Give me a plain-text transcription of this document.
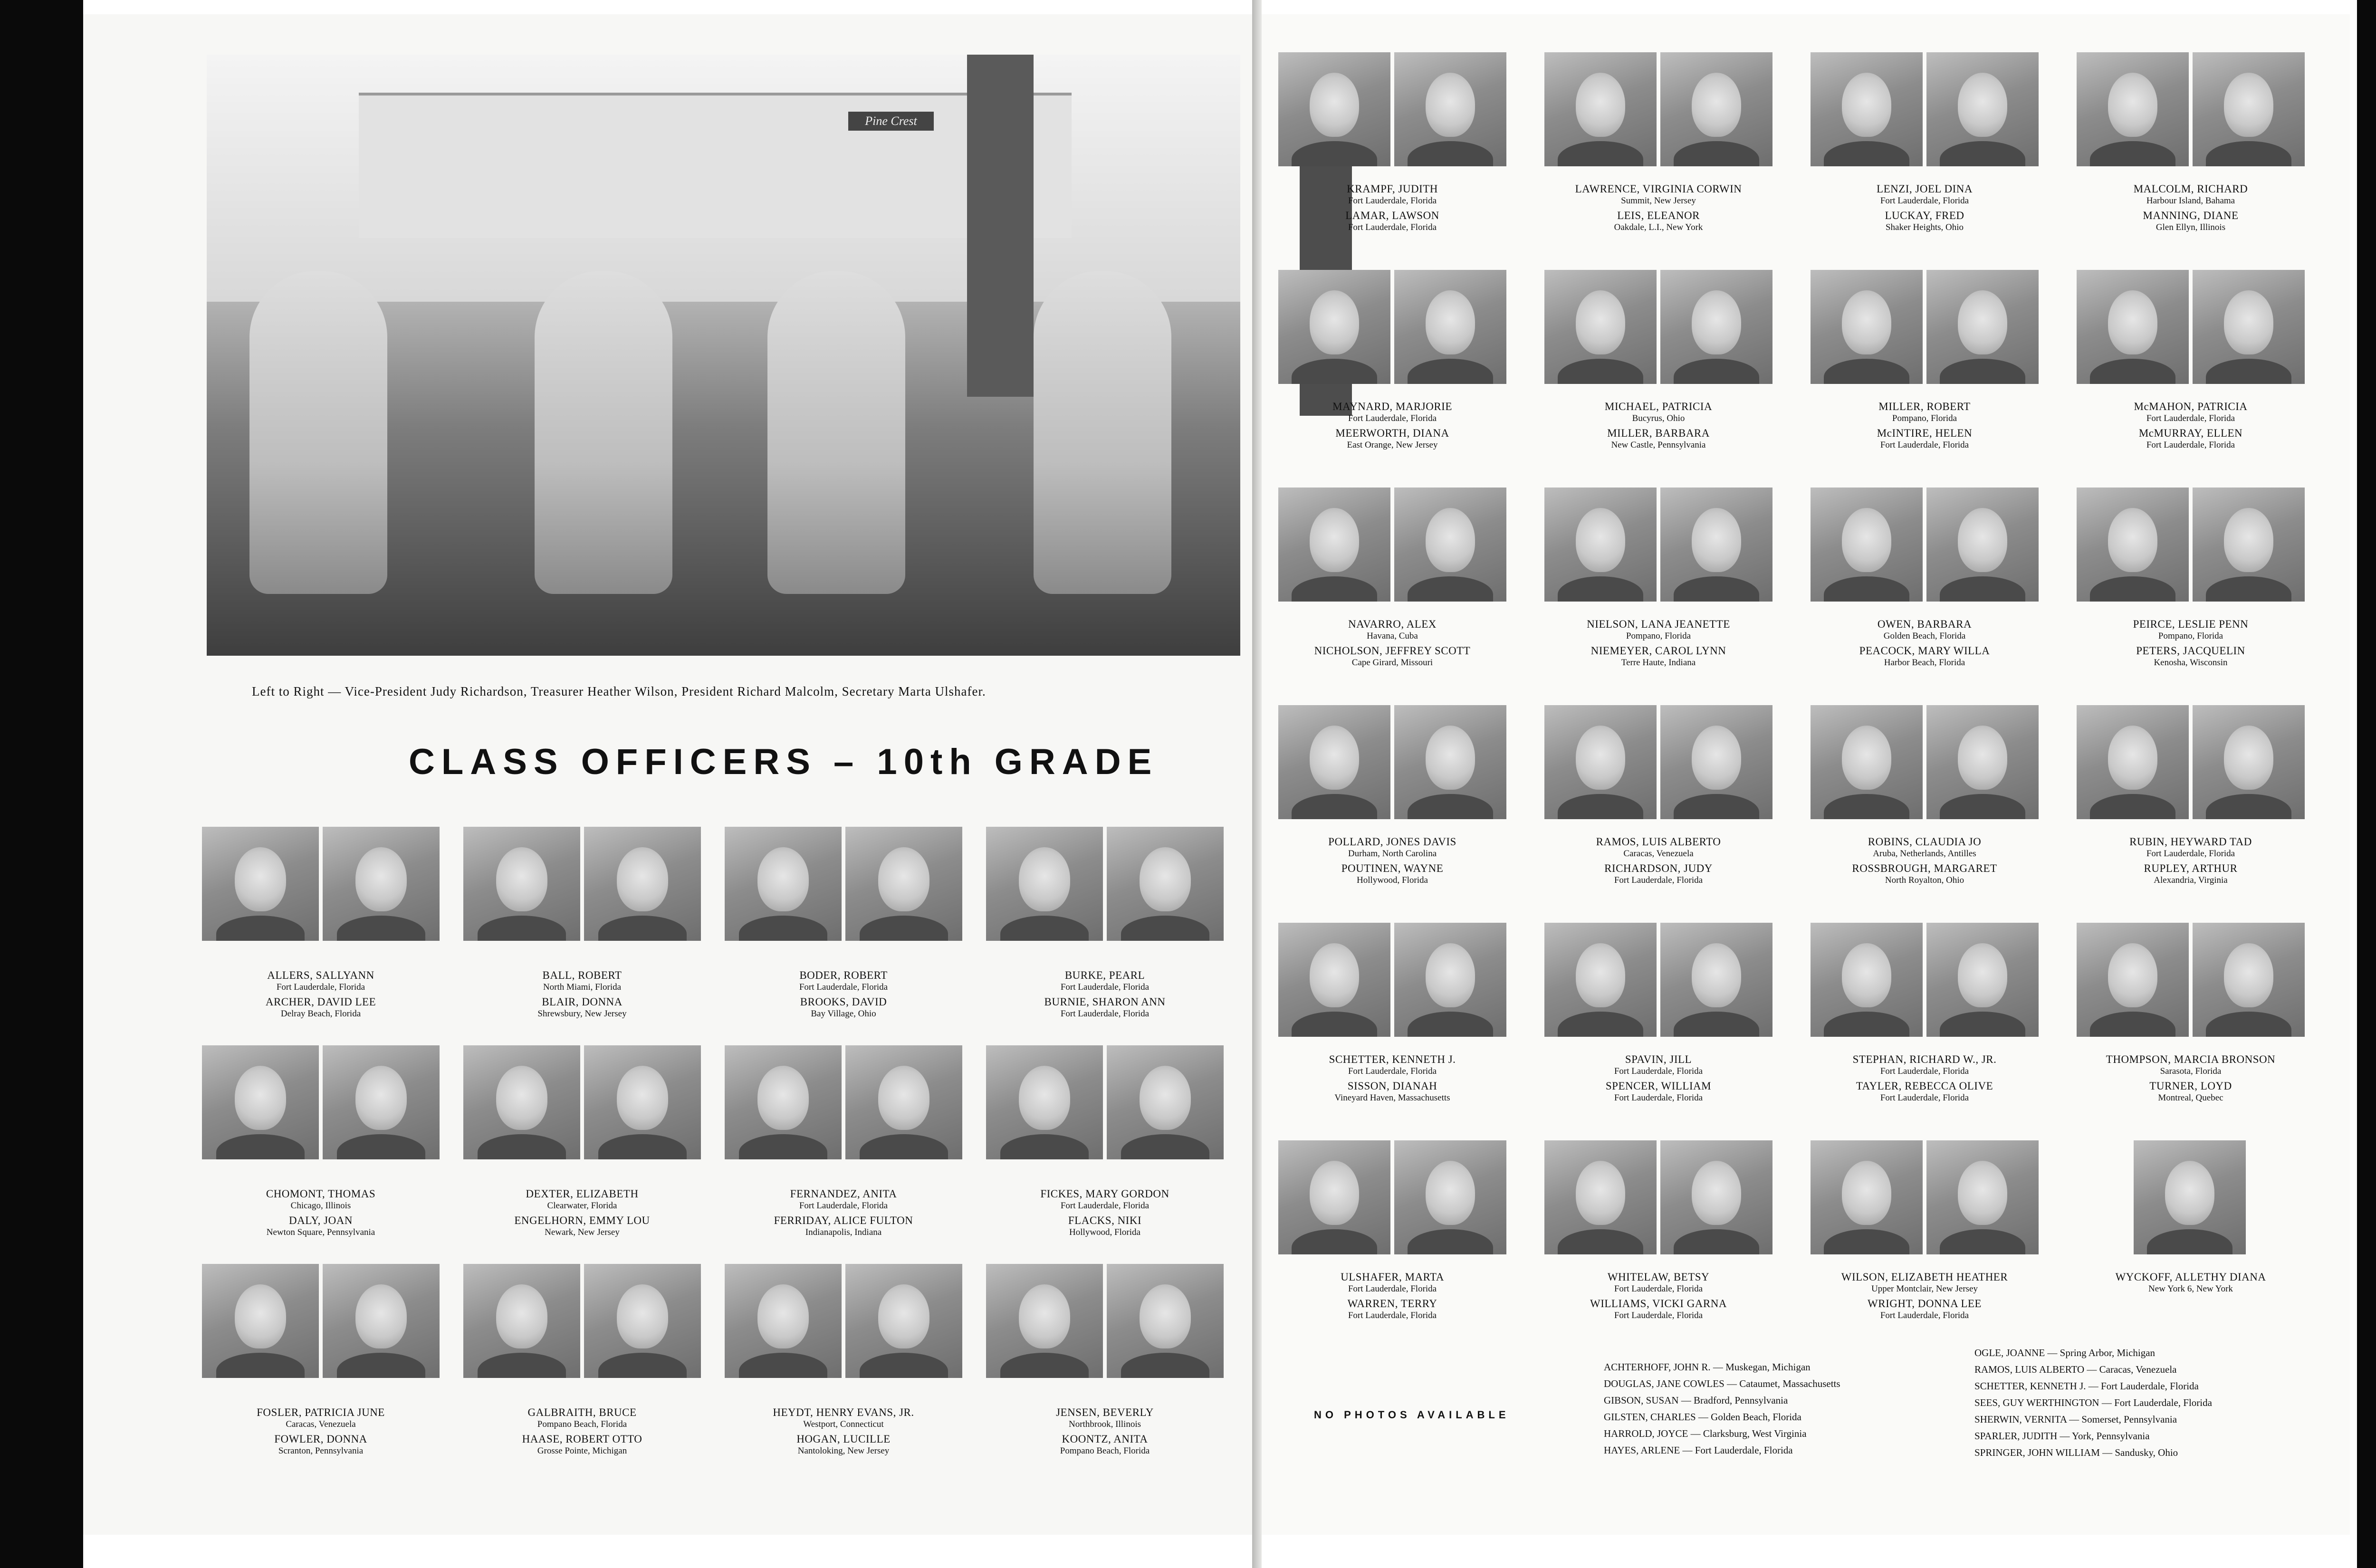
Pine Crest
Left to Right — Vice-President Judy Richardson, Treasurer Heather Wilson, President Richard Malcolm, Secretary Marta Ulshafer.
CLASS OFFICERS – 10th GRADE
ALLERS, SALLYANN
Fort Lauderdale, Florida
ARCHER, DAVID LEE
Delray Beach, Florida
BALL, ROBERT
North Miami, Florida
BLAIR, DONNA
Shrewsbury, New Jersey
BODER, ROBERT
Fort Lauderdale, Florida
BROOKS, DAVID
Bay Village, Ohio
BURKE, PEARL
Fort Lauderdale, Florida
BURNIE, SHARON ANN
Fort Lauderdale, Florida
CHOMONT, THOMAS
Chicago, Illinois
DALY, JOAN
Newton Square, Pennsylvania
DEXTER, ELIZABETH
Clearwater, Florida
ENGELHORN, EMMY LOU
Newark, New Jersey
FERNANDEZ, ANITA
Fort Lauderdale, Florida
FERRIDAY, ALICE FULTON
Indianapolis, Indiana
FICKES, MARY GORDON
Fort Lauderdale, Florida
FLACKS, NIKI
Hollywood, Florida
FOSLER, PATRICIA JUNE
Caracas, Venezuela
FOWLER, DONNA
Scranton, Pennsylvania
GALBRAITH, BRUCE
Pompano Beach, Florida
HAASE, ROBERT OTTO
Grosse Pointe, Michigan
HEYDT, HENRY EVANS, JR.
Westport, Connecticut
HOGAN, LUCILLE
Nantoloking, New Jersey
JENSEN, BEVERLY
Northbrook, Illinois
KOONTZ, ANITA
Pompano Beach, Florida
KRAMPF, JUDITH
Fort Lauderdale, Florida
LAMAR, LAWSON
Fort Lauderdale, Florida
LAWRENCE, VIRGINIA CORWIN
Summit, New Jersey
LEIS, ELEANOR
Oakdale, L.I., New York
LENZI, JOEL DINA
Fort Lauderdale, Florida
LUCKAY, FRED
Shaker Heights, Ohio
MALCOLM, RICHARD
Harbour Island, Bahama
MANNING, DIANE
Glen Ellyn, Illinois
MAYNARD, MARJORIE
Fort Lauderdale, Florida
MEERWORTH, DIANA
East Orange, New Jersey
MICHAEL, PATRICIA
Bucyrus, Ohio
MILLER, BARBARA
New Castle, Pennsylvania
MILLER, ROBERT
Pompano, Florida
McINTIRE, HELEN
Fort Lauderdale, Florida
McMAHON, PATRICIA
Fort Lauderdale, Florida
McMURRAY, ELLEN
Fort Lauderdale, Florida
NAVARRO, ALEX
Havana, Cuba
NICHOLSON, JEFFREY SCOTT
Cape Girard, Missouri
NIELSON, LANA JEANETTE
Pompano, Florida
NIEMEYER, CAROL LYNN
Terre Haute, Indiana
OWEN, BARBARA
Golden Beach, Florida
PEACOCK, MARY WILLA
Harbor Beach, Florida
PEIRCE, LESLIE PENN
Pompano, Florida
PETERS, JACQUELIN
Kenosha, Wisconsin
POLLARD, JONES DAVIS
Durham, North Carolina
POUTINEN, WAYNE
Hollywood, Florida
RAMOS, LUIS ALBERTO
Caracas, Venezuela
RICHARDSON, JUDY
Fort Lauderdale, Florida
ROBINS, CLAUDIA JO
Aruba, Netherlands, Antilles
ROSSBROUGH, MARGARET
North Royalton, Ohio
RUBIN, HEYWARD TAD
Fort Lauderdale, Florida
RUPLEY, ARTHUR
Alexandria, Virginia
SCHETTER, KENNETH J.
Fort Lauderdale, Florida
SISSON, DIANAH
Vineyard Haven, Massachusetts
SPAVIN, JILL
Fort Lauderdale, Florida
SPENCER, WILLIAM
Fort Lauderdale, Florida
STEPHAN, RICHARD W., JR.
Fort Lauderdale, Florida
TAYLER, REBECCA OLIVE
Fort Lauderdale, Florida
THOMPSON, MARCIA BRONSON
Sarasota, Florida
TURNER, LOYD
Montreal, Quebec
ULSHAFER, MARTA
Fort Lauderdale, Florida
WARREN, TERRY
Fort Lauderdale, Florida
WHITELAW, BETSY
Fort Lauderdale, Florida
WILLIAMS, VICKI GARNA
Fort Lauderdale, Florida
WILSON, ELIZABETH HEATHER
Upper Montclair, New Jersey
WRIGHT, DONNA LEE
Fort Lauderdale, Florida
WYCKOFF, ALLETHY DIANA
New York 6, New York
NO PHOTOS AVAILABLE
ACHTERHOFF, JOHN R. — Muskegan, Michigan
DOUGLAS, JANE COWLES — Cataumet, Massachusetts
GIBSON, SUSAN — Bradford, Pennsylvania
GILSTEN, CHARLES — Golden Beach, Florida
HARROLD, JOYCE — Clarksburg, West Virginia
HAYES, ARLENE — Fort Lauderdale, Florida
OGLE, JOANNE — Spring Arbor, Michigan
RAMOS, LUIS ALBERTO — Caracas, Venezuela
SCHETTER, KENNETH J. — Fort Lauderdale, Florida
SEES, GUY WERTHINGTON — Fort Lauderdale, Florida
SHERWIN, VERNITA — Somerset, Pennsylvania
SPARLER, JUDITH — York, Pennsylvania
SPRINGER, JOHN WILLIAM — Sandusky, Ohio
